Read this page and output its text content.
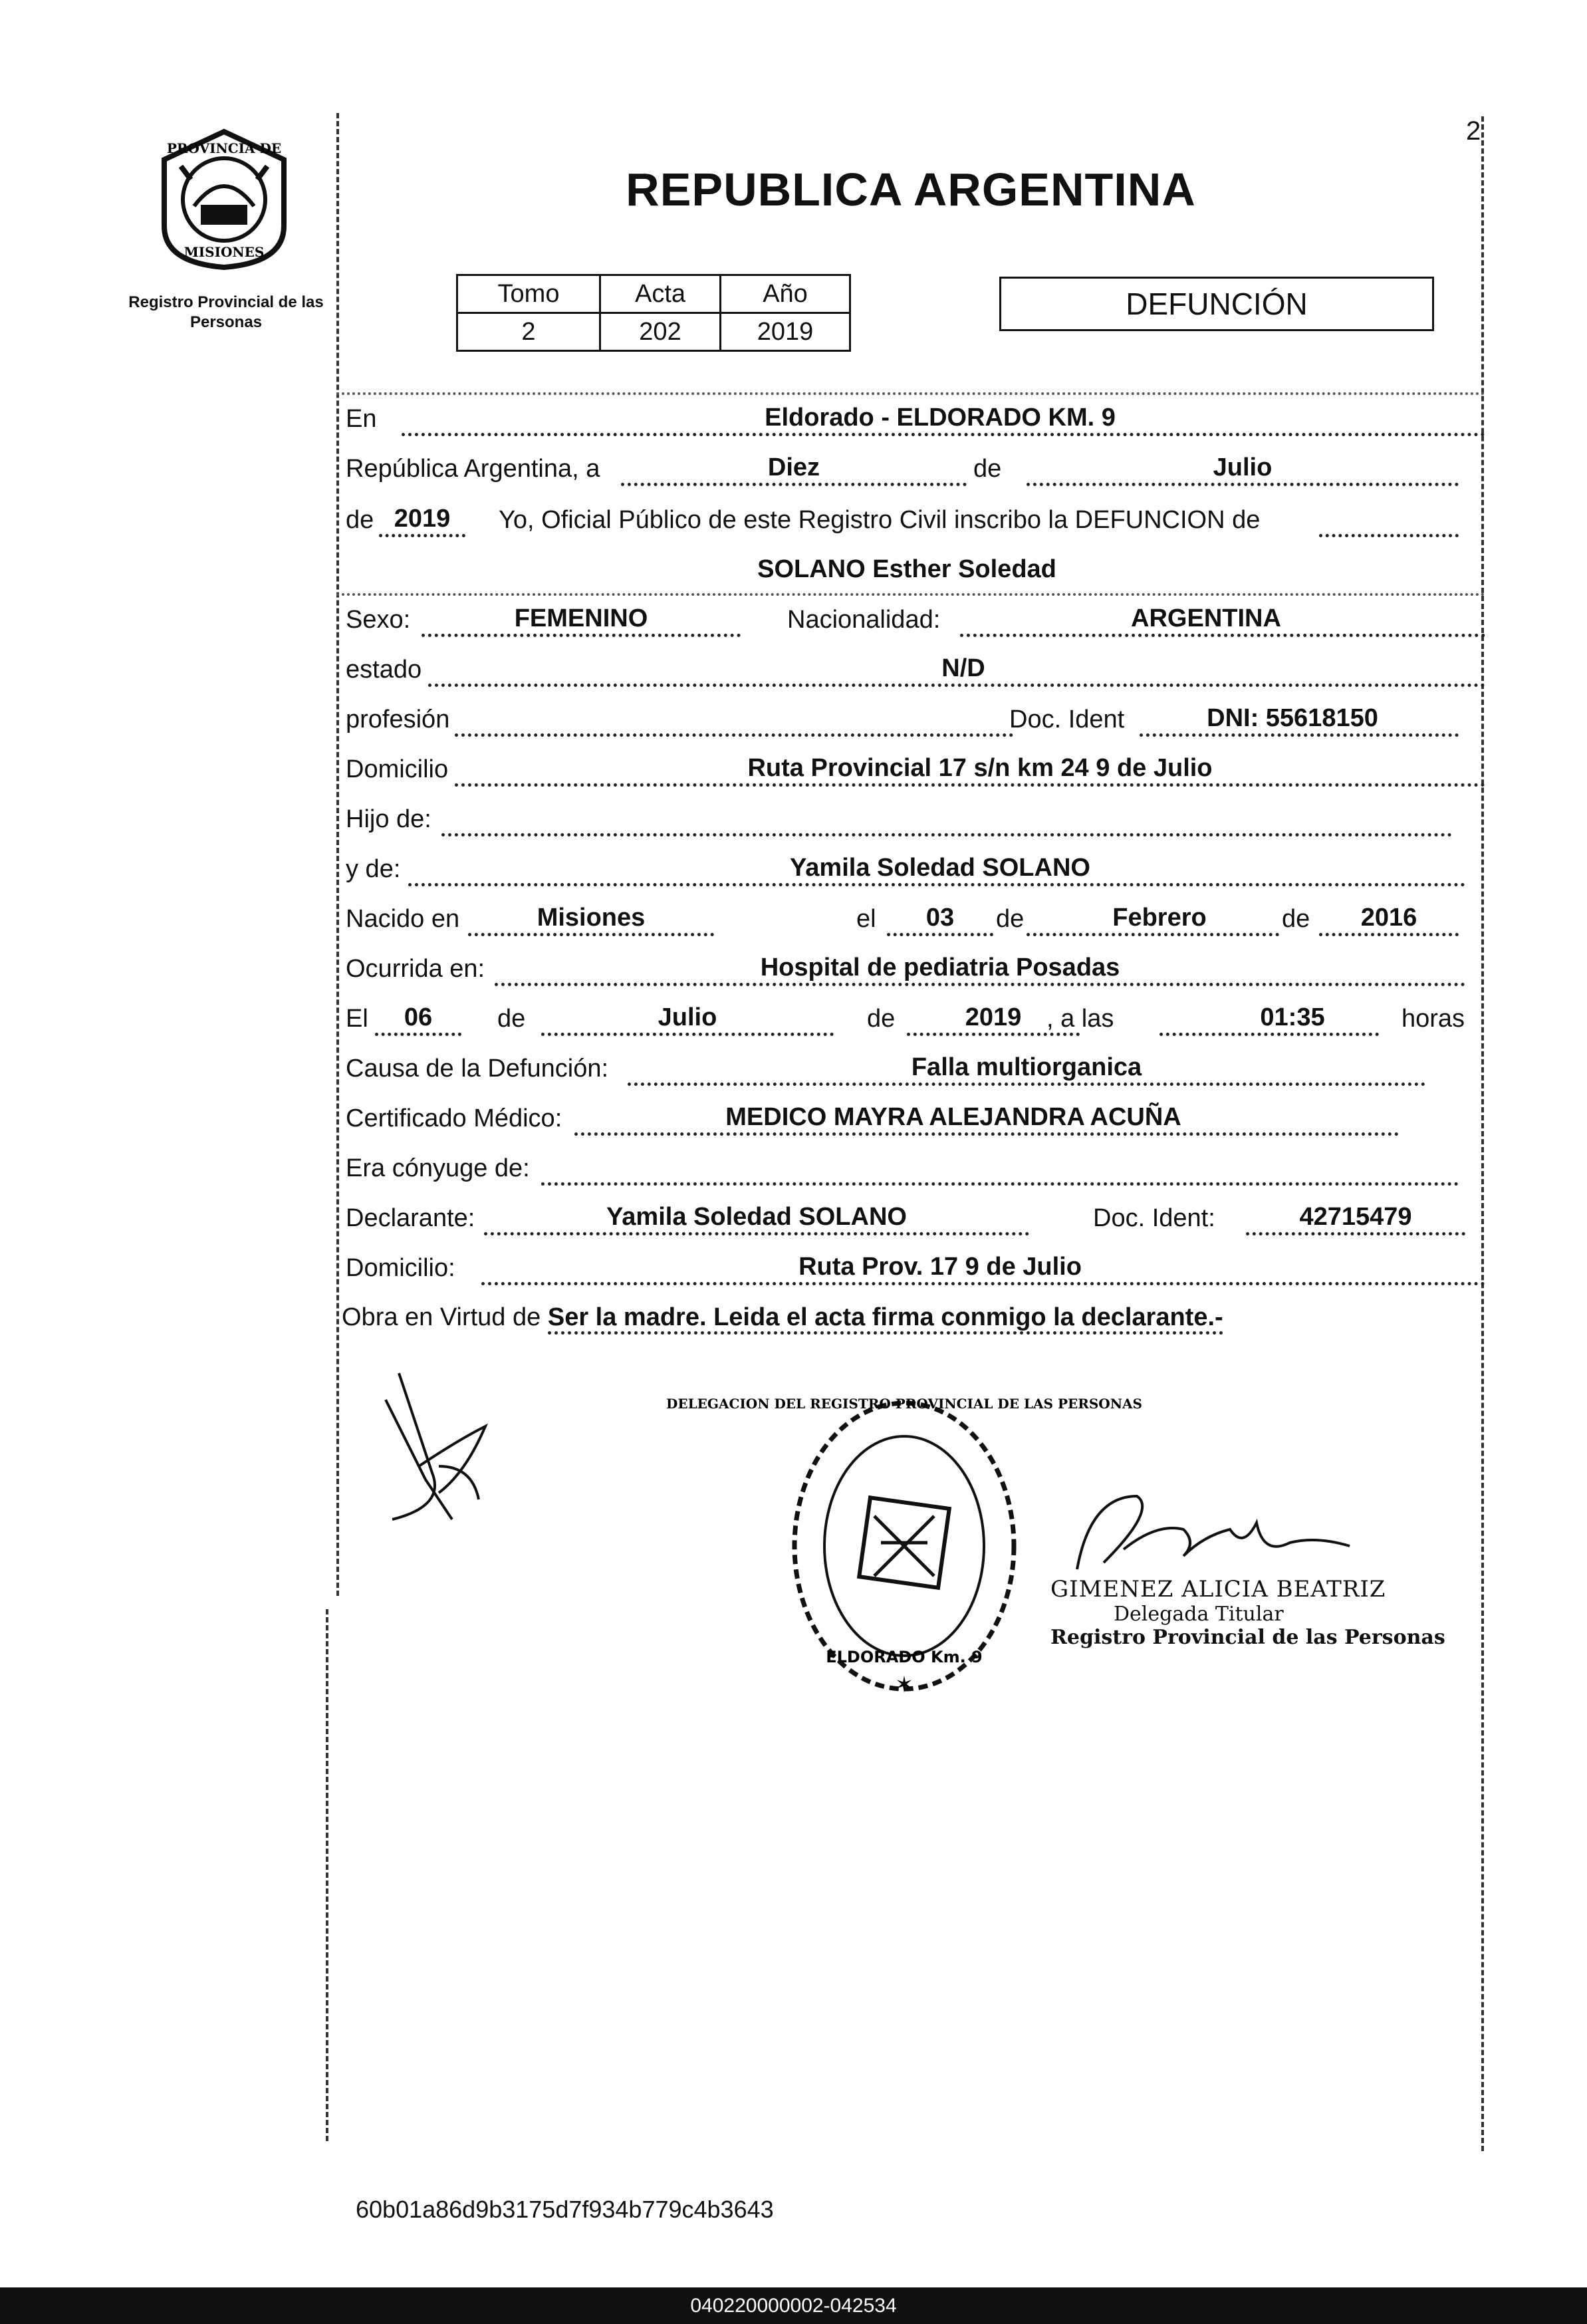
PROVINCIA DE
MISIONES
Registro Provincial de las Personas
2
REPUBLICA ARGENTINA
Tomo	Acta	Año
2	202	2019
DEFUNCIÓN
En	Eldorado - ELDORADO KM. 9
República Argentina, a	Diez	de	Julio
de 2019	Yo, Oficial Público de este Registro Civil inscribo la DEFUNCION de
SOLANO Esther Soledad
Sexo:	FEMENINO	Nacionalidad:	ARGENTINA
estado	N/D
profesión	Doc. Ident	DNI: 55618150
Domicilio	Ruta Provincial 17 s/n km 24 9 de Julio
Hijo de:
y de:	Yamila Soledad SOLANO
Nacido en	Misiones	el	03	de	Febrero	de	2016
Ocurrida en:	Hospital de pediatria Posadas
El	06	de	Julio	de	2019 , a las	01:35	horas
Causa de la Defunción:	Falla multiorganica
Certificado Médico:	MEDICO MAYRA ALEJANDRA ACUÑA
Era cónyuge de:
Declarante:	Yamila Soledad SOLANO	Doc. Ident:	42715479
Domicilio:	Ruta Prov. 17 9 de Julio
Obra en Virtud de Ser la madre. Leida el acta firma conmigo la declarante.-
DELEGACION DEL REGISTRO PROVINCIAL DE LAS PERSONAS
ELDORADO Km. 9
✶
GIMENEZ ALICIA BEATRIZ
Delegada Titular
Registro Provincial de las Personas
60b01a86d9b3175d7f934b779c4b3643
040220000002-042534
